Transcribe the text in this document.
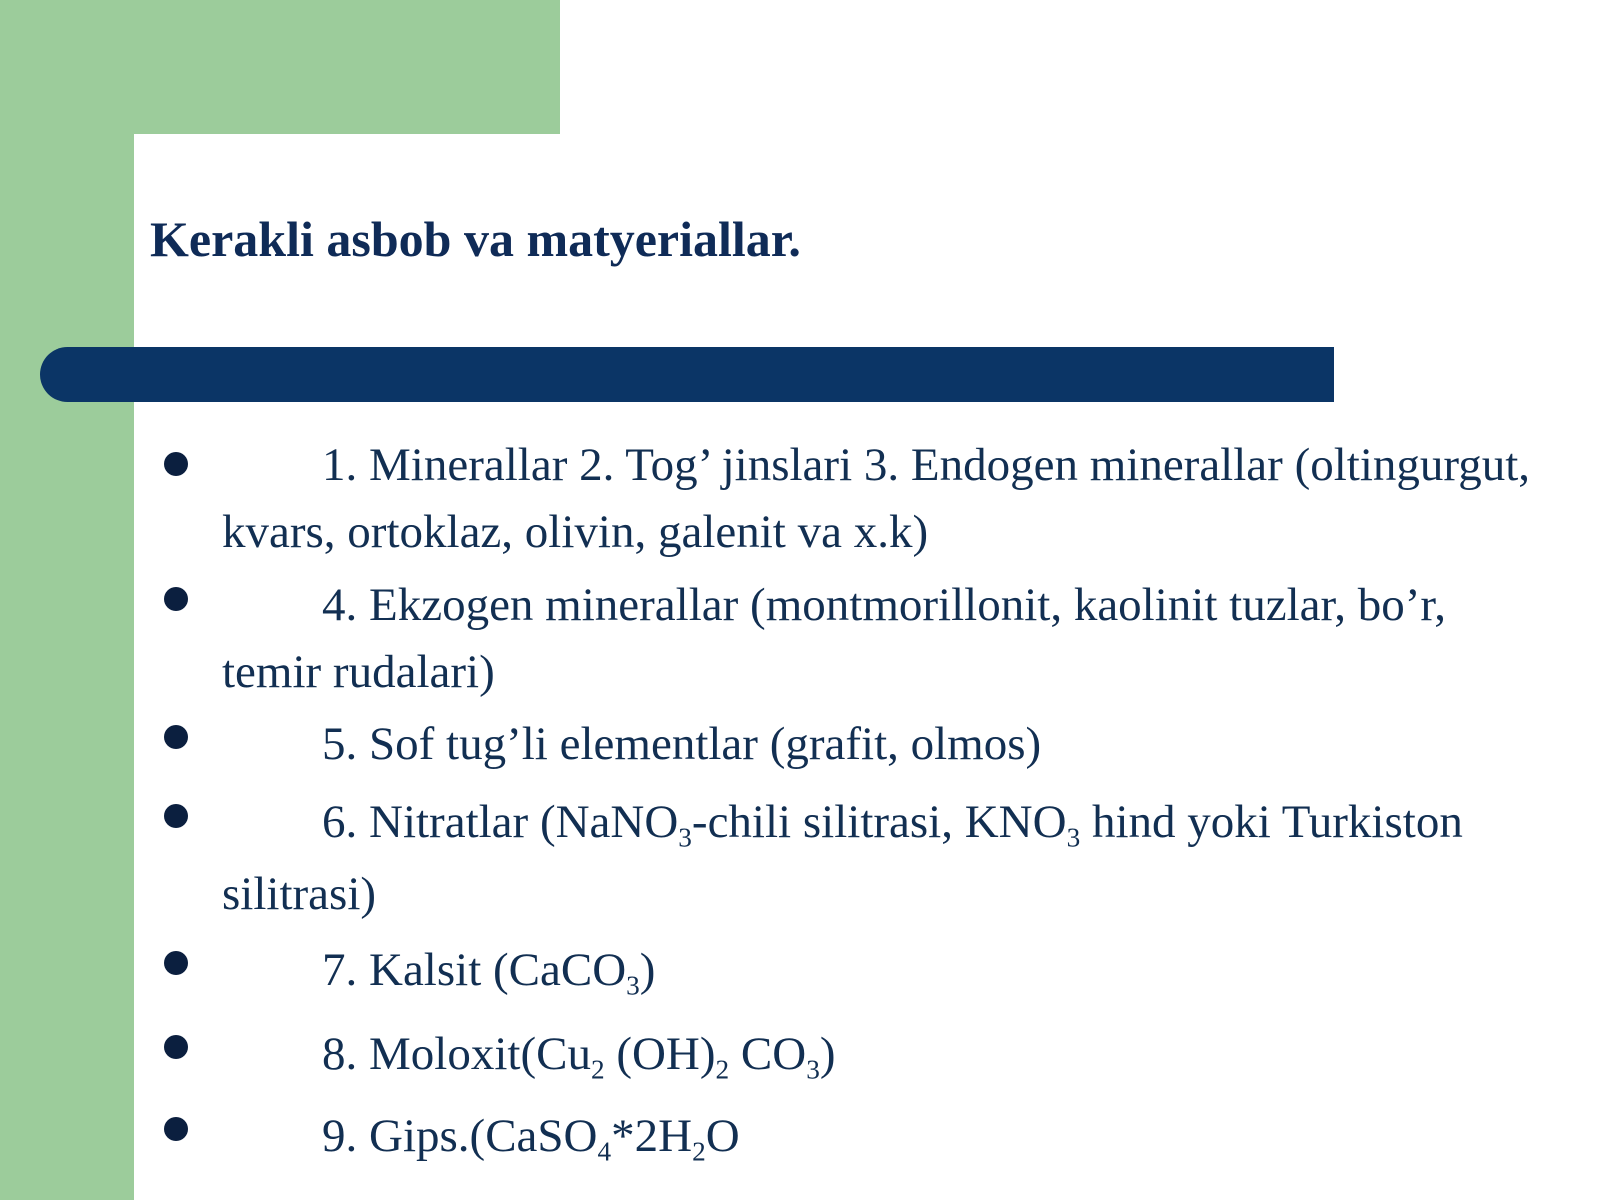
Kerakli asbob va matyeriallar.
1. Minerallar 2. Tog’ jinslari 3. Endogen minerallar (oltingurgut, kvars, ortoklaz, olivin, galenit va x.k)
4. Ekzogen minerallar (montmorillonit, kaolinit tuzlar, bo’r, temir rudalari)
5. Sof tug’li elementlar (grafit, olmos)
6. Nitratlar (NaNO$_3$-chili silitrasi, $KNO_3$ hind yoki Turkiston silitrasi)
7. Kalsit (CaCO$_3$)
8. $Moloxit(Cu_2$ $(OH)_2$ $CO_3$)
9. $Gips.(CaSO_4*2H_2O$
